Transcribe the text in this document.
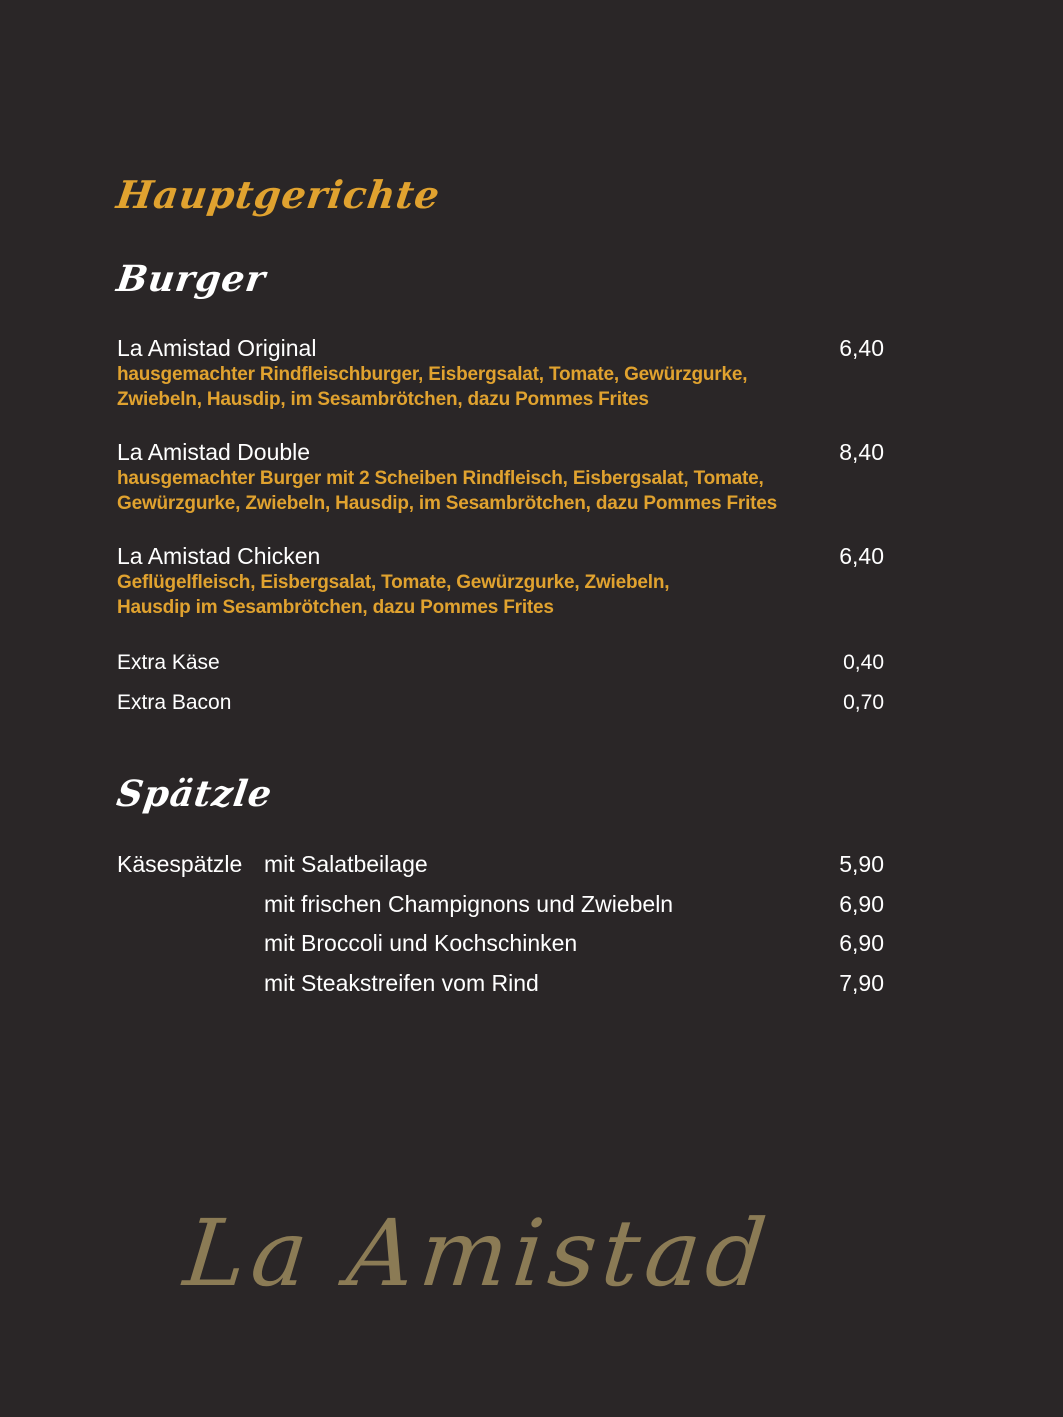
Hauptgerichte
Burger
La Amistad Original	6,40
hausgemachter Rindfleischburger, Eisbergsalat, Tomate, Gewürzgurke,
Zwiebeln, Hausdip, im Sesambrötchen, dazu Pommes Frites
La Amistad Double	8,40
hausgemachter Burger mit 2 Scheiben Rindfleisch, Eisbergsalat, Tomate,
Gewürzgurke, Zwiebeln, Hausdip, im Sesambrötchen, dazu Pommes Frites
La Amistad Chicken	6,40
Geflügelfleisch, Eisbergsalat, Tomate, Gewürzgurke, Zwiebeln,
Hausdip im Sesambrötchen, dazu Pommes Frites
Extra Käse	0,40
Extra Bacon	0,70
Spätzle
Käsespätzle mit Salatbeilage	5,90
mit frischen Champignons und Zwiebeln	6,90
mit Broccoli und Kochschinken	6,90
mit Steakstreifen vom Rind	7,90
La Amistad
